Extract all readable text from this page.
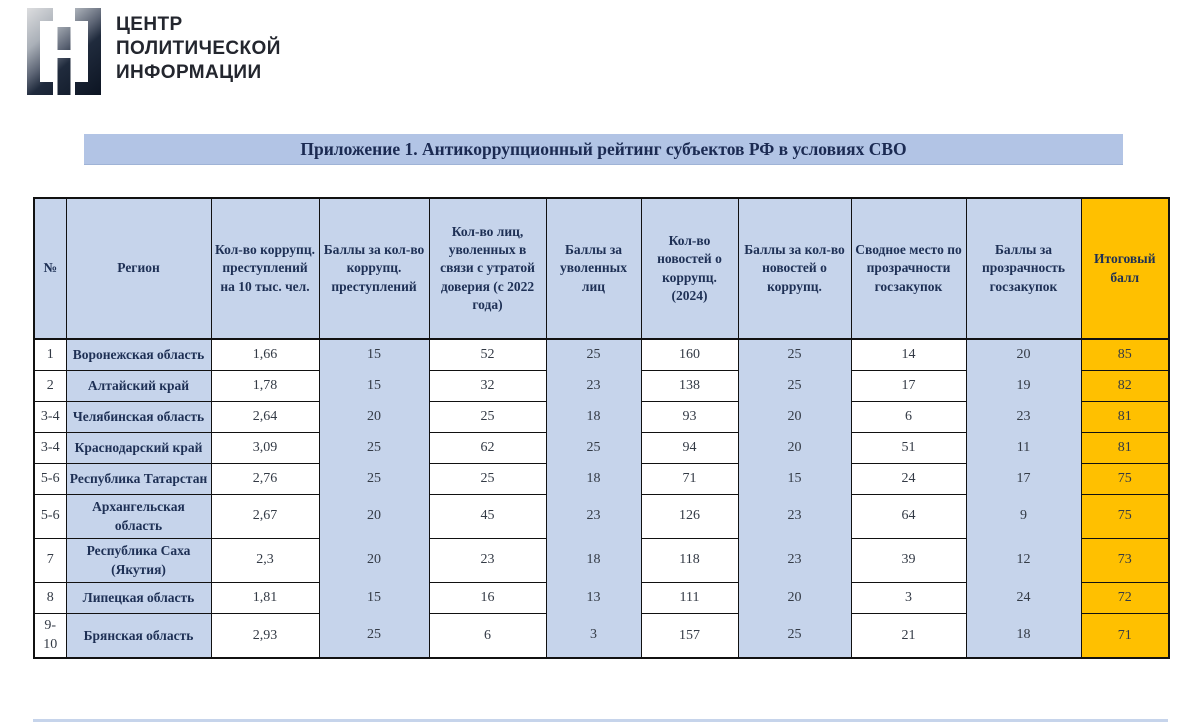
ЦЕНТР
ПОЛИТИЧЕСКОЙ
ИНФОРМАЦИИ
Приложение 1. Антикоррупционный рейтинг субъектов РФ в условиях СВО
№	Регион	Кол-во коррупц. преступлений на 10 тыс. чел.	Баллы за кол-во коррупц. преступлений	Кол-во лиц, уволенных в связи с утратой доверия (с 2022 года)	Баллы за уволенных лиц	Кол-во новостей о коррупц. (2024)	Баллы за кол-во новостей о коррупц.	Сводное место по прозрачности госзакупок	Баллы за прозрачность госзакупок	Итоговый балл
1	Воронежская область	1,66	15	52	25	160	25	14	20	85
2	Алтайский край	1,78	15	32	23	138	25	17	19	82
3-4	Челябинская область	2,64	20	25	18	93	20	6	23	81
3-4	Краснодарский край	3,09	25	62	25	94	20	51	11	81
5-6	Республика Татарстан	2,76	25	25	18	71	15	24	17	75
5-6	Архангельская область	2,67	20	45	23	126	23	64	9	75
7	Республика Саха (Якутия)	2,3	20	23	18	118	23	39	12	73
8	Липецкая область	1,81	15	16	13	111	20	3	24	72
9-10	Брянская область	2,93	25	6	3	157	25	21	18	71
